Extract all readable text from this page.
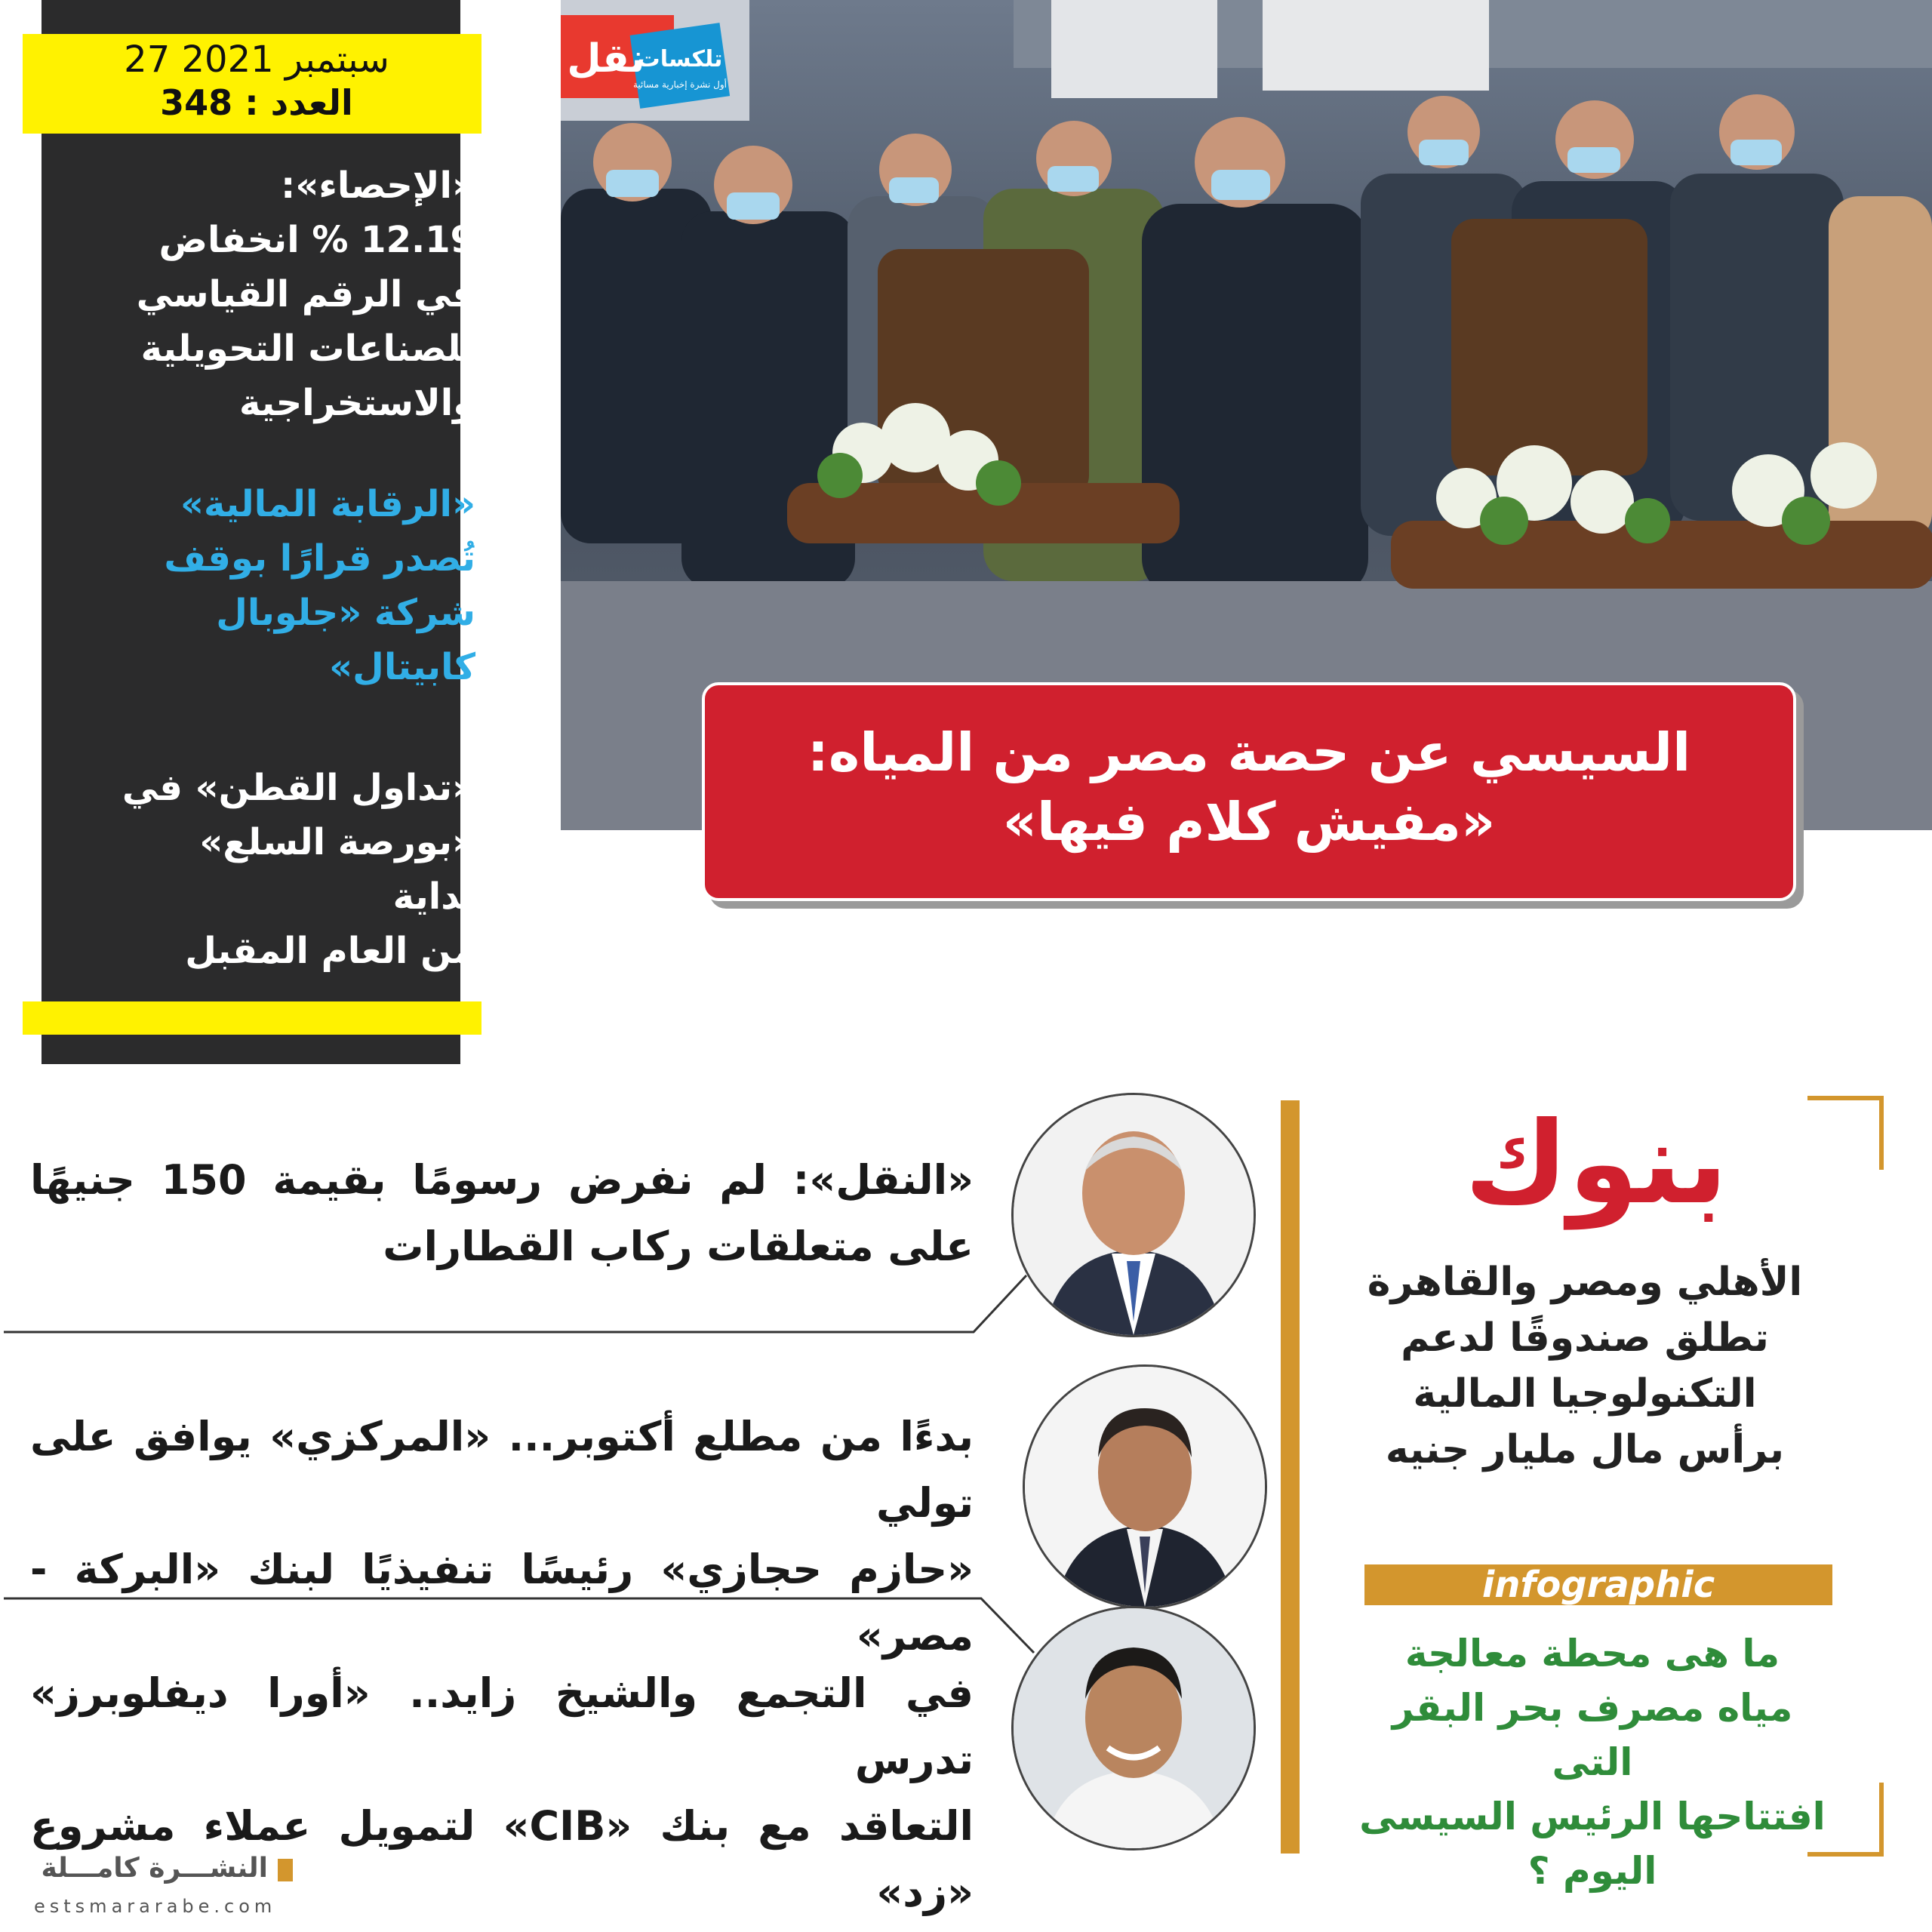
«الإحصاء»:
12.19 % انخفاض
في الرقم القياسي
للصناعات التحويلية
والاستخراجية
«الرقابة المالية»
تُصدر قرارًا بوقف
شركة «جلوبال
كابيتال»
«تداول القطن» في
«بورصة السلع» بداية
من العام المقبل
27 سبتمبر 2021
العدد : 348
تلكسات
أول نشرة إخبارية مسائية
نقل
السيسي عن حصة مصر من المياه:
«مفيش كلام فيها»
بنوك
الأهلي ومصر والقاهرة
تطلق صندوقًا لدعم
التكنولوجيا المالية
برأس مال مليار جنيه
infographic
ما هى محطة معالجة
مياه مصرف بحر البقر التى
افتتاحها الرئيس السيسى
اليوم ؟
«النقل»: لم نفرض رسومًا بقيمة 150 جنيهًا
على متعلقات ركاب القطارات
بدءًا من مطلع أكتوبر... «المركزي» يوافق على تولي
«حازم حجازي» رئيسًا تنفيذيًا لبنك «البركة - مصر»
في التجمع والشيخ زايد.. «أورا ديفلوبرز» تدرس
التعاقد مع بنك «CIB» لتمويل عملاء مشروع «زد»
النشـــرة كامـــلة
estsmararabe.com
